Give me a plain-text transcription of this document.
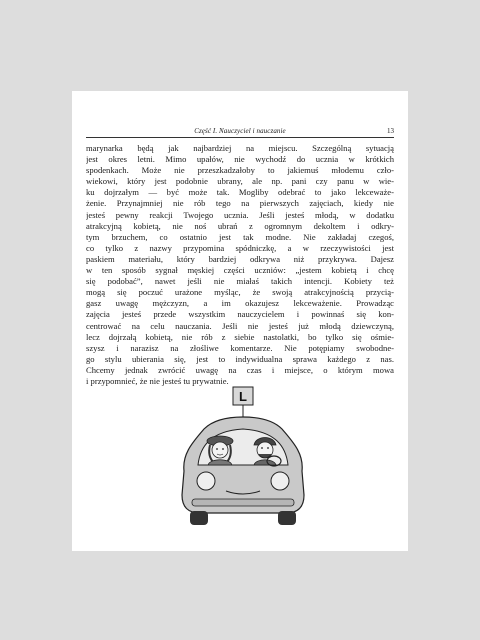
Część I. Nauczyciel i nauczanie	13
marynarka będą jak najbardziej na miejscu. Szczególną sytuacją
jest okres letni. Mimo upałów, nie wychodź do ucznia w krótkich
spodenkach. Może nie przeszkadzałoby to jakiemuś młodemu czło-
wiekowi, który jest podobnie ubrany, ale np. pani czy panu w wie-
ku dojrzałym — być może tak. Mogliby odebrać to jako lekceważe-
żenie. Przynajmniej nie rób tego na pierwszych zajęciach, kiedy nie
jesteś pewny reakcji Twojego ucznia. Jeśli jesteś młodą, w dodatku
atrakcyjną kobietą, nie noś ubrań z ogromnym dekoltem i odkry-
tym brzuchem, co ostatnio jest tak modne. Nie zakładaj czegoś,
co tylko z nazwy przypomina spódniczkę, a w rzeczywistości jest
paskiem materiału, który bardziej odkrywa niż przykrywa. Dajesz
w ten sposób sygnał męskiej części uczniów: „jestem kobietą i chcę
się podobać”, nawet jeśli nie miałaś takich intencji. Kobiety też
mogą się poczuć urażone myśląc, że swoją atrakcyjnością przycią-
gasz uwagę mężczyzn, a im okazujesz lekceważenie. Prowadząc
zajęcia jesteś przede wszystkim nauczycielem i powinnaś się kon-
centrować na celu nauczania. Jeśli nie jesteś już młodą dziewczyną,
lecz dojrzałą kobietą, nie rób z siebie nastolatki, bo tylko się ośmie-
szysz i narazisz na złośliwe komentarze. Nie potępiamy swobodne-
go stylu ubierania się, jest to indywidualna sprawa każdego z nas.
Chcemy jednak zwrócić uwagę na czas i miejsce, o którym mowa
i przypomnieć, że nie jesteś tu prywatnie.
L
